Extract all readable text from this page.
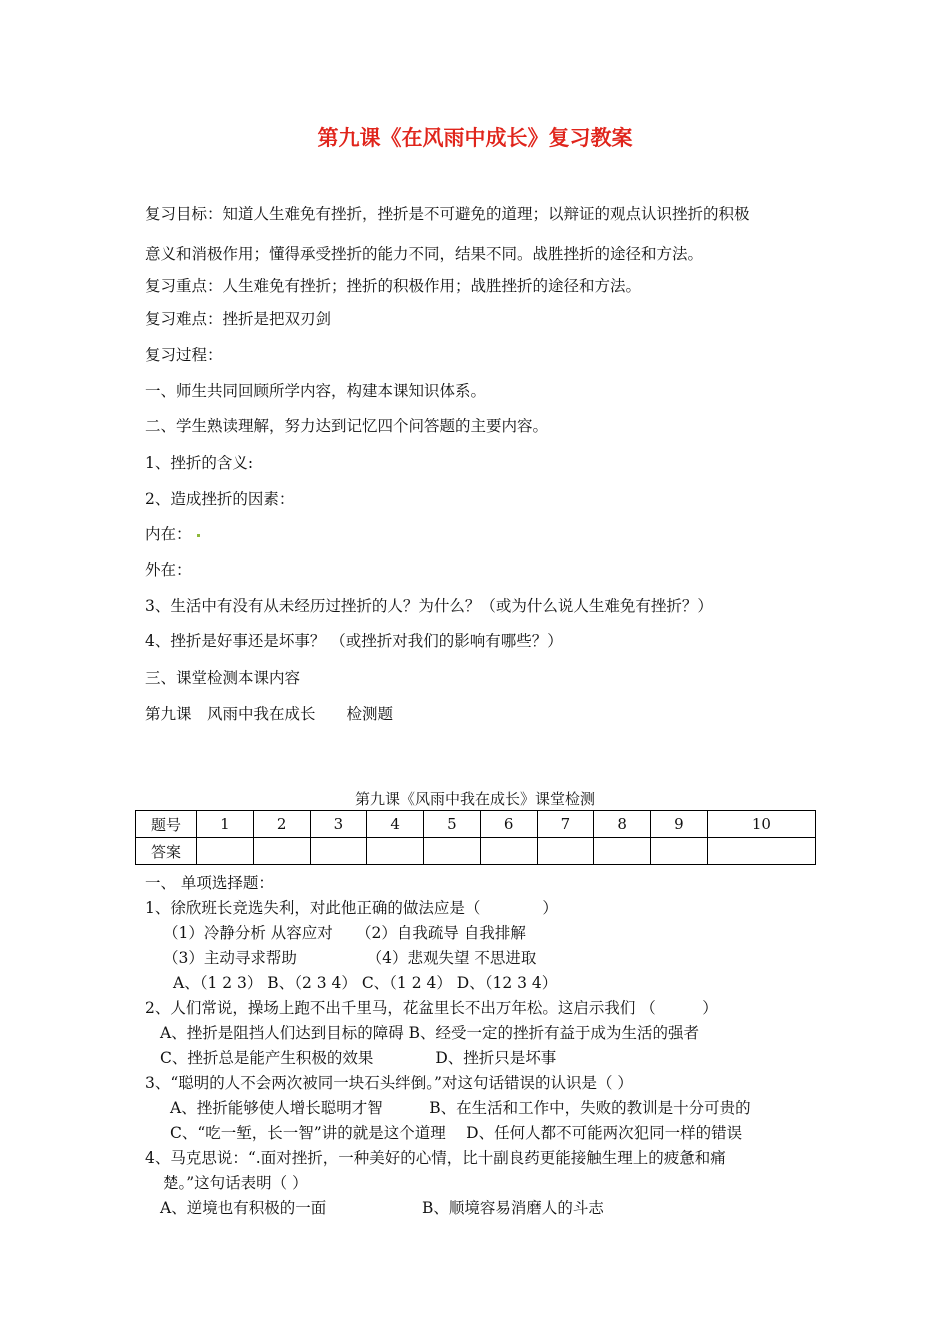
第九课《在风雨中成长》复习教案
复习目标：知道人生难免有挫折，挫折是不可避免的道理；以辩证的观点认识挫折的积极
意义和消极作用；懂得承受挫折的能力不同，结果不同。战胜挫折的途径和方法。
复习重点：人生难免有挫折；挫折的积极作用；战胜挫折的途径和方法。
复习难点：挫折是把双刃剑
复习过程：
一、师生共同回顾所学内容，构建本课知识体系。
二、学生熟读理解，努力达到记忆四个问答题的主要内容。
1、挫折的含义:
2、造成挫折的因素：
内在：
外在：
3、生活中有没有从未经历过挫折的人？为什么？（或为什么说人生难免有挫折？）
4、挫折是好事还是坏事？ （或挫折对我们的影响有哪些？）
三、课堂检测本课内容
第九课　风雨中我在成长　　检测题
第九课《风雨中我在成长》课堂检测
题号	1	2	3	4	5	6	7	8	9	10
答案										
一、 单项选择题：
1、徐欣班长竞选失利，对此他正确的做法应是（　　　　）
（1）冷静分析 从容应对　　（2）自我疏导 自我排解
（3）主动寻求帮助　　　　　（4）悲观失望 不思进取
A、（1 2 3） B、（2 3 4） C、（1 2 4） D、（12 3 4）
2、人们常说，操场上跑不出千里马，花盆里长不出万年松。这启示我们 （　　　）
A、挫折是阻挡人们达到目标的障碍 B、经受一定的挫折有益于成为生活的强者
C、挫折总是能产生积极的效果　　　　D、挫折只是坏事
3、“聪明的人不会两次被同一块石头绊倒。”对这句话错误的认识是（ ）
A、挫折能够使人增长聪明才智　　　B、在生活和工作中，失败的教训是十分可贵的
C、“吃一堑，长一智”讲的就是这个道理　 D、任何人都不可能两次犯同一样的错误
4、马克思说：“.面对挫折，一种美好的心情，比十副良药更能接触生理上的疲惫和痛
楚。”这句话表明（ ）
A、逆境也有积极的一面	B、顺境容易消磨人的斗志
